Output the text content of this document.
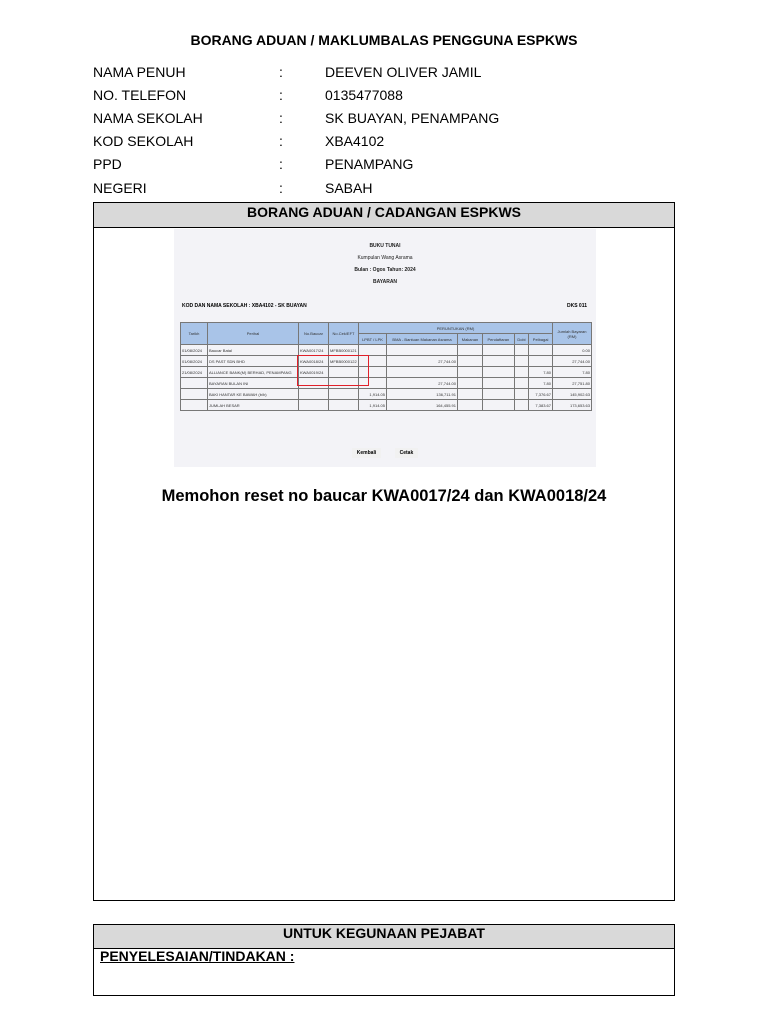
BORANG ADUAN / MAKLUMBALAS PENGGUNA ESPKWS
NAMA PENUH	:	DEEVEN OLIVER JAMIL
NO. TELEFON	:	0135477088
NAMA SEKOLAH	:	SK BUAYAN, PENAMPANG
KOD SEKOLAH	:	XBA4102
PPD	:	PENAMPANG
NEGERI	:	SABAH
BORANG ADUAN / CADANGAN ESPKWS
BUKU TUNAI
Kumpulan Wang Asrama
Bulan : Ogos Tahun: 2024
BAYARAN
KOD DAN NAMA SEKOLAH : XBA4102 - SK BUAYAN	DKS 011
Tarikh	Perihal	No.Baucar	No.Cek/EFT	PERUNTUKAN (RM)						Jumlah Bayaran (RM)
				LPBT / LPK	BMA - Bantuan Makanan Asrama	Makanan	Pendaftaran	Dobi	Pelbagai	
01/08/2024	Baucar Batal	KWA0017/24	MFBB0000121							0.00
01/08/2024	DS PAST SDN BHD	KWA0018/24	MFBB0000122		27,744.00					27,744.00
21/08/2024	ALLIANCE BANK(M) BERHAD, PENAMPANG	KWA0019/24							7.80	7.80
	BAYARAN BULAN INI				27,744.00				7.80	27,751.80
	BAKI HANTAR KE BAWAH (b/b)			1,914.05	136,711.91				7,376.67	145,902.63
	JUMLAH BESAR			1,914.05	164,455.91				7,383.67	173,653.63
Kembali	Cetak
Memohon reset no baucar KWA0017/24 dan KWA0018/24
UNTUK KEGUNAAN PEJABAT
PENYELESAIAN/TINDAKAN :
